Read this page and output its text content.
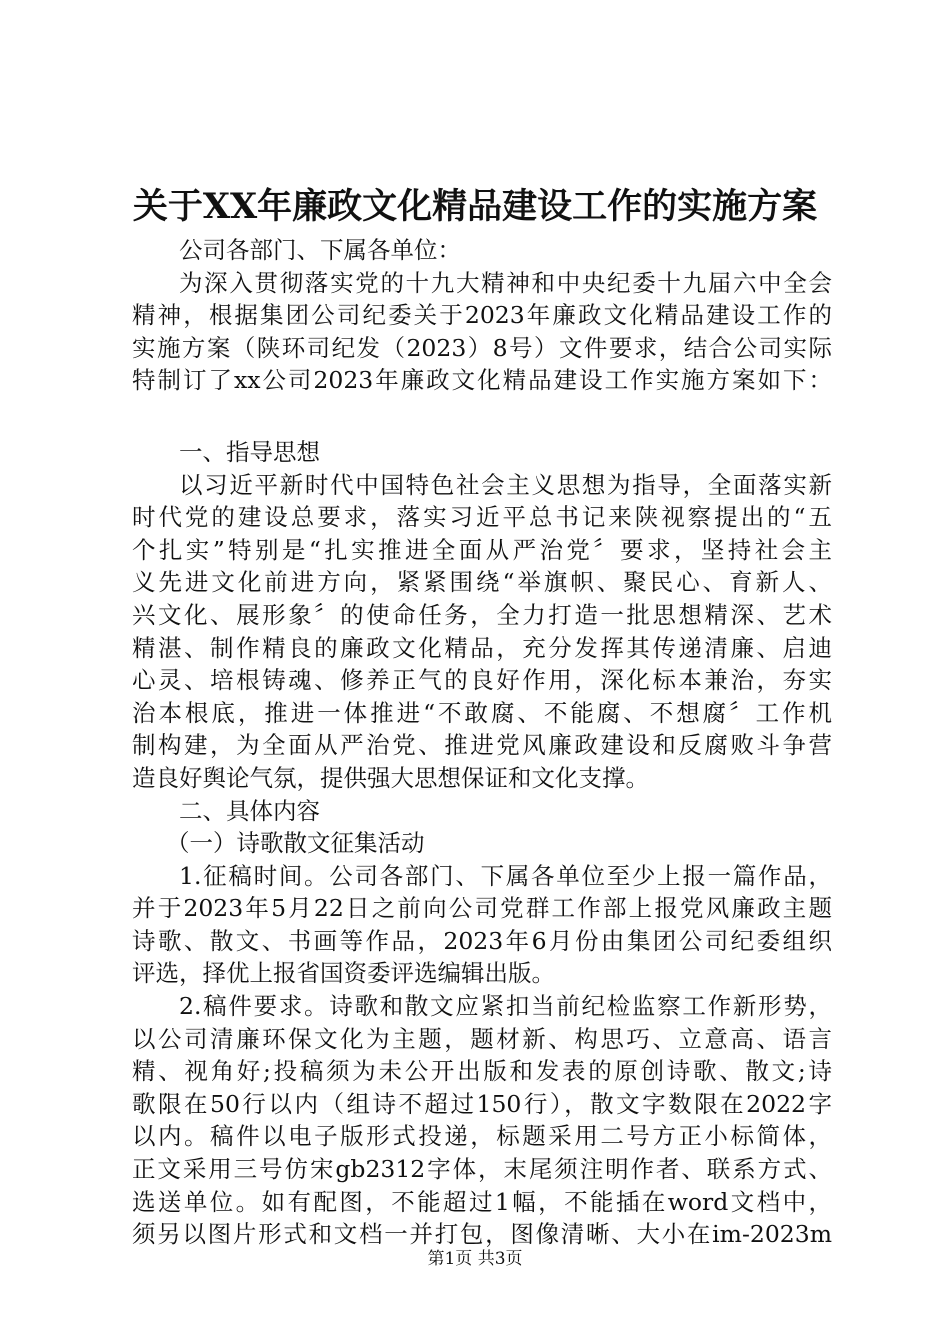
关于XX年廉政文化精品建设工作的实施方案
公司各部门、下属各单位：
为深入贯彻落实党的十九大精神和中央纪委十九届六中全会
精神，根据集团公司纪委关于2023年廉政文化精品建设工作的
实施方案（陕环司纪发（2023）8号）文件要求，结合公司实际
特制订了xx公司2023年廉政文化精品建设工作实施方案如下：
一、指导思想
以习近平新时代中国特色社会主义思想为指导，全面落实新
时代党的建设总要求，落实习近平总书记来陕视察提出的“五
个扎实”特别是“扎实推进全面从严治党〞要求，坚持社会主
义先进文化前进方向，紧紧围绕“举旗帜、聚民心、育新人、
兴文化、展形象〞的使命任务，全力打造一批思想精深、艺术
精湛、制作精良的廉政文化精品，充分发挥其传递清廉、启迪
心灵、培根铸魂、修养正气的良好作用，深化标本兼治，夯实
治本根底，推进一体推进“不敢腐、不能腐、不想腐〞工作机
制构建，为全面从严治党、推进党风廉政建设和反腐败斗争营
造良好舆论气氛，提供强大思想保证和文化支撑。
二、具体内容
（一）诗歌散文征集活动
1.征稿时间。公司各部门、下属各单位至少上报一篇作品，
并于2023年5月22日之前向公司党群工作部上报党风廉政主题
诗歌、散文、书画等作品，2023年6月份由集团公司纪委组织
评选，择优上报省国资委评选编辑出版。
2.稿件要求。诗歌和散文应紧扣当前纪检监察工作新形势，
以公司清廉环保文化为主题，题材新、构思巧、立意高、语言
精、视角好;投稿须为未公开出版和发表的原创诗歌、散文;诗
歌限在50行以内（组诗不超过150行），散文字数限在2022字
以内。稿件以电子版形式投递，标题采用二号方正小标简体，
正文采用三号仿宋gb2312字体，末尾须注明作者、联系方式、
选送单位。如有配图，不能超过1幅，不能插在word文档中，
须另以图片形式和文档一并打包，图像清晰、大小在im-2023m
第1页 共3页
